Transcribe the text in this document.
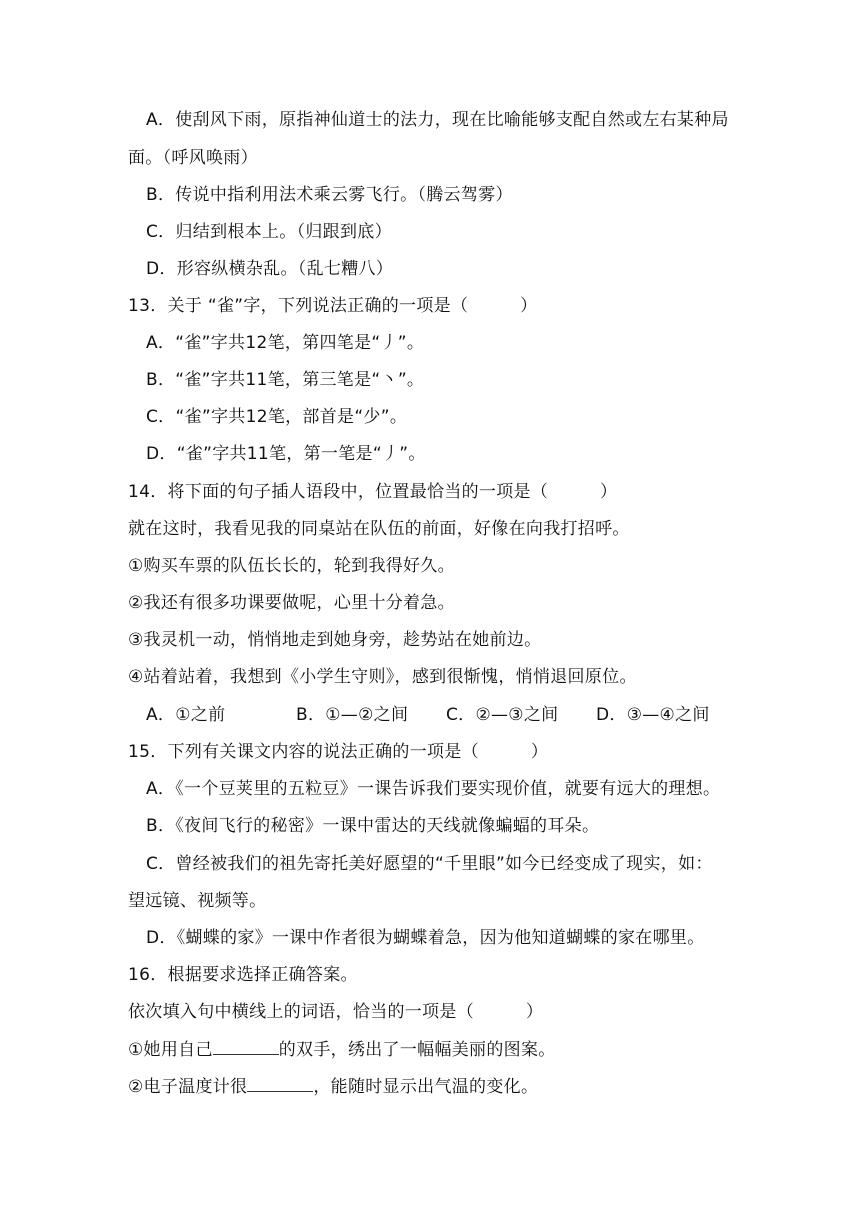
A．使刮风下雨，原指神仙道士的法力，现在比喻能够支配自然或左右某种局
面。（呼风唤雨）
B．传说中指利用法术乘云雾飞行。（腾云驾雾）
C．归结到根本上。（归跟到底）
D．形容纵横杂乱。（乱七糟八）
13．关于 “雀”字，下列说法正确的一项是（　　　）
A．“雀”字共12笔，第四笔是“丿”。
B．“雀”字共11笔，第三笔是“丶”。
C．“雀”字共12笔，部首是“少”。
D．“雀”字共11笔，第一笔是“丿”。
14．将下面的句子插人语段中，位置最恰当的一项是（　　　）
就在这时，我看见我的同桌站在队伍的前面，好像在向我打招呼。
①购买车票的队伍长长的，轮到我得好久。
②我还有很多功课要做呢，心里十分着急。
③我灵机一动，悄悄地走到她身旁，趁势站在她前边。
④站着站着，我想到《小学生守则》，感到很惭愧，悄悄退回原位。
A．①之前	B．①—②之间 C．②—③之间 D．③—④之间
15．下列有关课文内容的说法正确的一项是（　　　）
A．《一个豆荚里的五粒豆》一课告诉我们要实现价值，就要有远大的理想。
B．《夜间飞行的秘密》一课中雷达的天线就像蝙蝠的耳朵。
C．曾经被我们的祖先寄托美好愿望的“千里眼”如今已经变成了现实，如：
望远镜、视频等。
D．《蝴蝶的家》一课中作者很为蝴蝶着急，因为他知道蝴蝶的家在哪里。
16．根据要求选择正确答案。
依次填入句中横线上的词语，恰当的一项是（　　　）
①她用自己	的双手，绣出了一幅幅美丽的图案。
②电子温度计很	，能随时显示出气温的变化。
